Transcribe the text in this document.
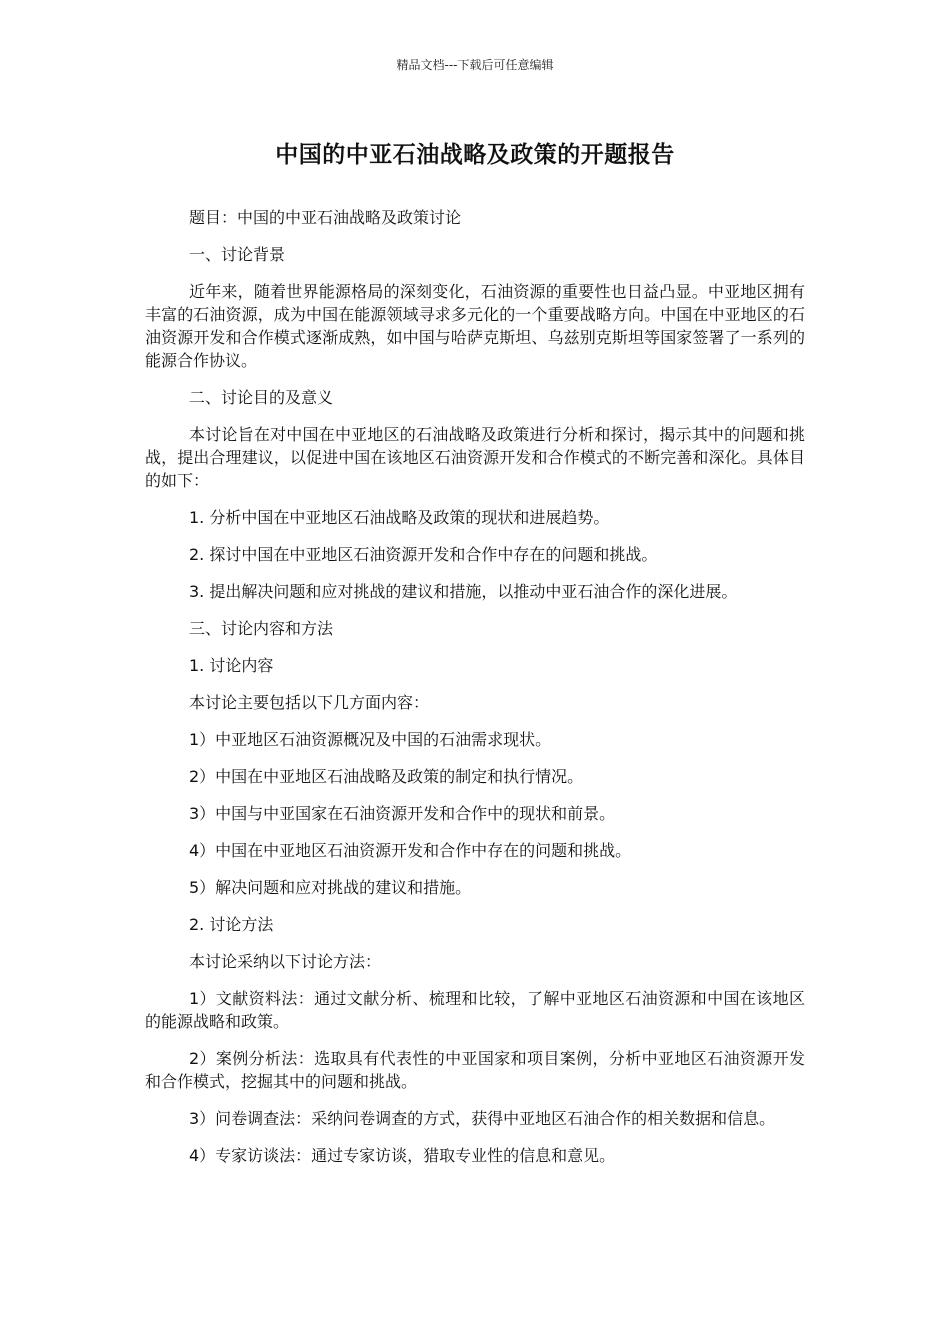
精品文档---下载后可任意编辑
中国的中亚石油战略及政策的开题报告

题目：中国的中亚石油战略及政策讨论

一、讨论背景

近年来，随着世界能源格局的深刻变化，石油资源的重要性也日益凸显。中亚地区拥有丰富的石油资源，成为中国在能源领域寻求多元化的一个重要战略方向。中国在中亚地区的石油资源开发和合作模式逐渐成熟，如中国与哈萨克斯坦、乌兹别克斯坦等国家签署了一系列的能源合作协议。

二、讨论目的及意义

本讨论旨在对中国在中亚地区的石油战略及政策进行分析和探讨，揭示其中的问题和挑战，提出合理建议，以促进中国在该地区石油资源开发和合作模式的不断完善和深化。具体目的如下：

1. 分析中国在中亚地区石油战略及政策的现状和进展趋势。

2. 探讨中国在中亚地区石油资源开发和合作中存在的问题和挑战。

3. 提出解决问题和应对挑战的建议和措施，以推动中亚石油合作的深化进展。

三、讨论内容和方法

1. 讨论内容

本讨论主要包括以下几方面内容：

1）中亚地区石油资源概况及中国的石油需求现状。

2）中国在中亚地区石油战略及政策的制定和执行情况。

3）中国与中亚国家在石油资源开发和合作中的现状和前景。

4）中国在中亚地区石油资源开发和合作中存在的问题和挑战。

5）解决问题和应对挑战的建议和措施。

2. 讨论方法

本讨论采纳以下讨论方法：

1）文献资料法：通过文献分析、梳理和比较，了解中亚地区石油资源和中国在该地区的能源战略和政策。

2）案例分析法：选取具有代表性的中亚国家和项目案例，分析中亚地区石油资源开发和合作模式，挖掘其中的问题和挑战。

3）问卷调查法：采纳问卷调查的方式，获得中亚地区石油合作的相关数据和信息。

4）专家访谈法：通过专家访谈，猎取专业性的信息和意见。
